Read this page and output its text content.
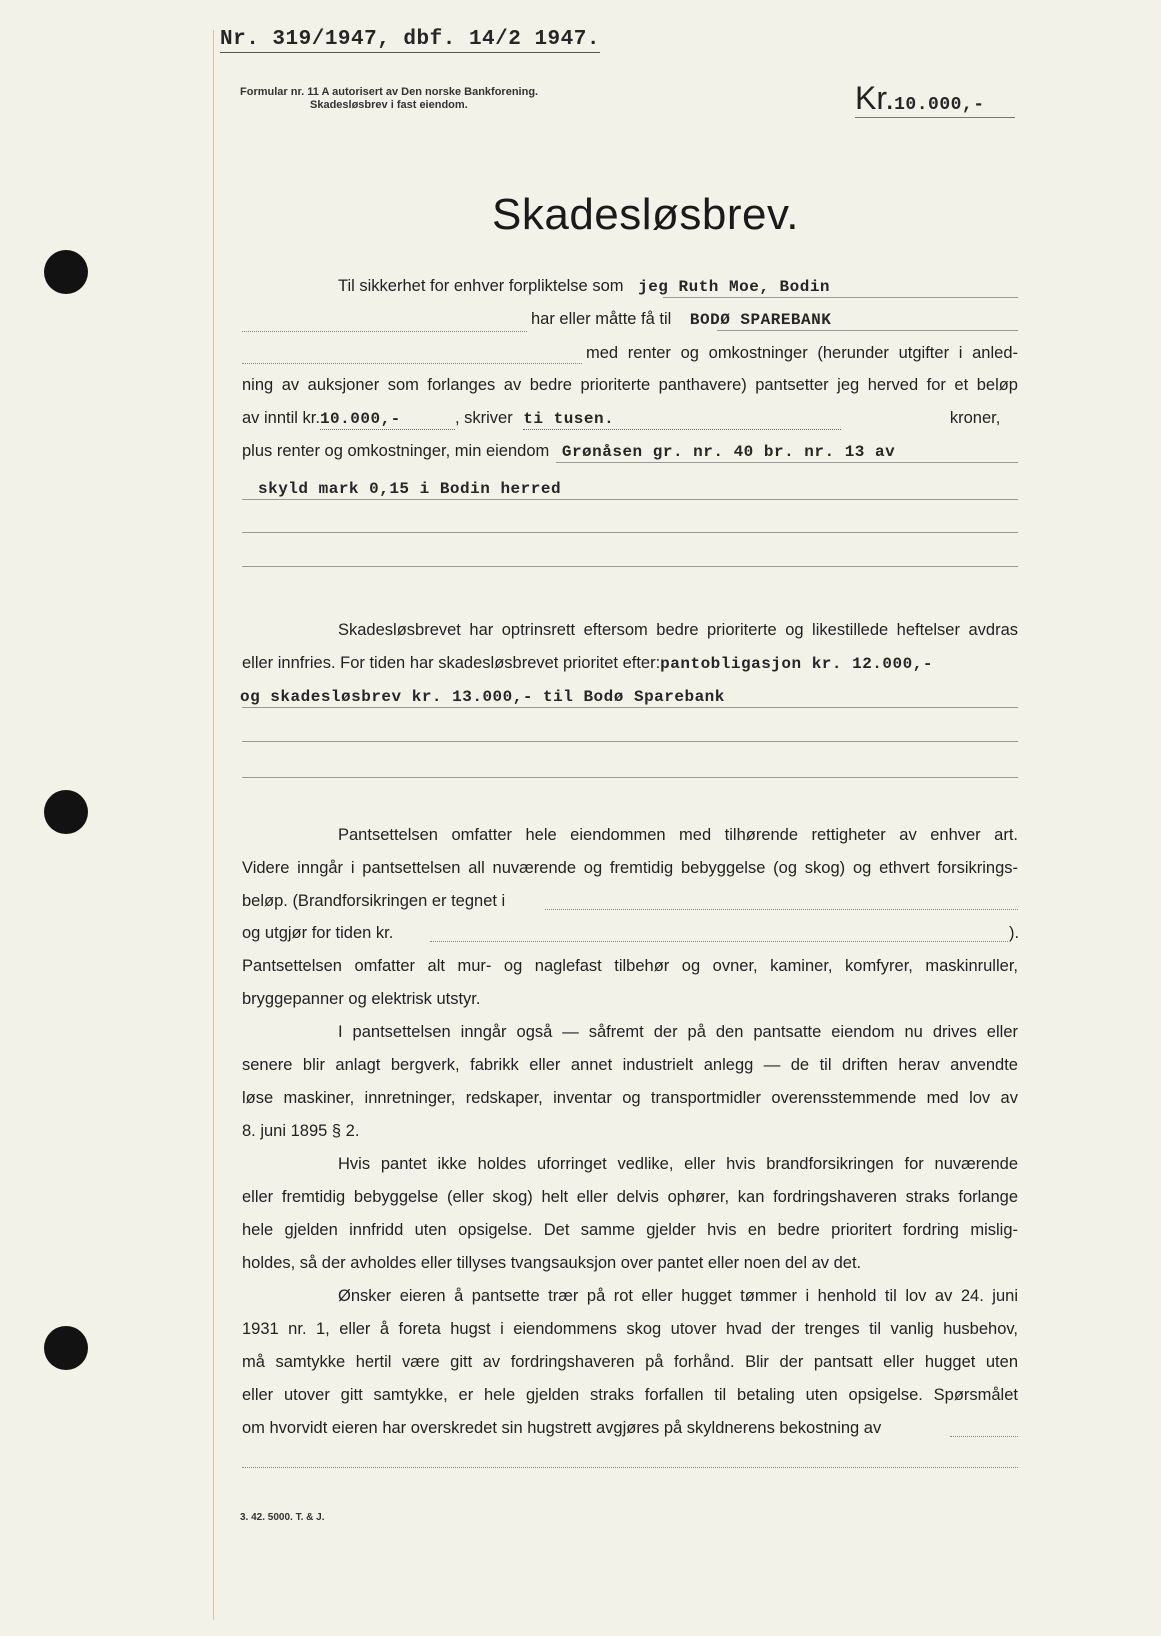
Nr. 319/1947, dbf. 14/2 1947.
Formular nr. 11 A autorisert av Den norske Bankforening.
Skadesløsbrev i fast eiendom.	Kr.10.000,-
Skadesløsbrev.
Til sikkerhet for enhver forpliktelse som jeg Ruth Moe, Bodin
har eller måtte få til BODØ SPAREBANK
med renter og omkostninger (herunder utgifter i anled-
ning av auksjoner som forlanges av bedre prioriterte panthavere) pantsetter jeg herved for et beløp
av inntil kr.10.000,-	, skriver ti tusen.	kroner,
plus renter og omkostninger, min eiendom Grønåsen gr. nr. 40 br. nr. 13 av
skyld mark 0,15 i Bodin herred
Skadesløsbrevet har optrinsrett eftersom bedre prioriterte og likestillede heftelser avdras
eller innfries. For tiden har skadesløsbrevet prioritet efter:pantobligasjon kr. 12.000,-
og skadesløsbrev kr. 13.000,- til Bodø Sparebank
Pantsettelsen omfatter hele eiendommen med tilhørende rettigheter av enhver art.
Videre inngår i pantsettelsen all nuværende og fremtidig bebyggelse (og skog) og ethvert forsikrings-
beløp. (Brandforsikringen er tegnet i
og utgjør for tiden kr.	).
Pantsettelsen omfatter alt mur- og naglefast tilbehør og ovner, kaminer, komfyrer, maskinruller,
bryggepanner og elektrisk utstyr.
I pantsettelsen inngår også — såfremt der på den pantsatte eiendom nu drives eller
senere blir anlagt bergverk, fabrikk eller annet industrielt anlegg — de til driften herav anvendte
løse maskiner, innretninger, redskaper, inventar og transportmidler overensstemmende med lov av
8. juni 1895 § 2.
Hvis pantet ikke holdes uforringet vedlike, eller hvis brandforsikringen for nuværende
eller fremtidig bebyggelse (eller skog) helt eller delvis ophører, kan fordringshaveren straks forlange
hele gjelden innfridd uten opsigelse. Det samme gjelder hvis en bedre prioritert fordring mislig-
holdes, så der avholdes eller tillyses tvangsauksjon over pantet eller noen del av det.
Ønsker eieren å pantsette trær på rot eller hugget tømmer i henhold til lov av 24. juni
1931 nr. 1, eller å foreta hugst i eiendommens skog utover hvad der trenges til vanlig husbehov,
må samtykke hertil være gitt av fordringshaveren på forhånd. Blir der pantsatt eller hugget uten
eller utover gitt samtykke, er hele gjelden straks forfallen til betaling uten opsigelse. Spørsmålet
om hvorvidt eieren har overskredet sin hugstrett avgjøres på skyldnerens bekostning av
3. 42. 5000. T. & J.
